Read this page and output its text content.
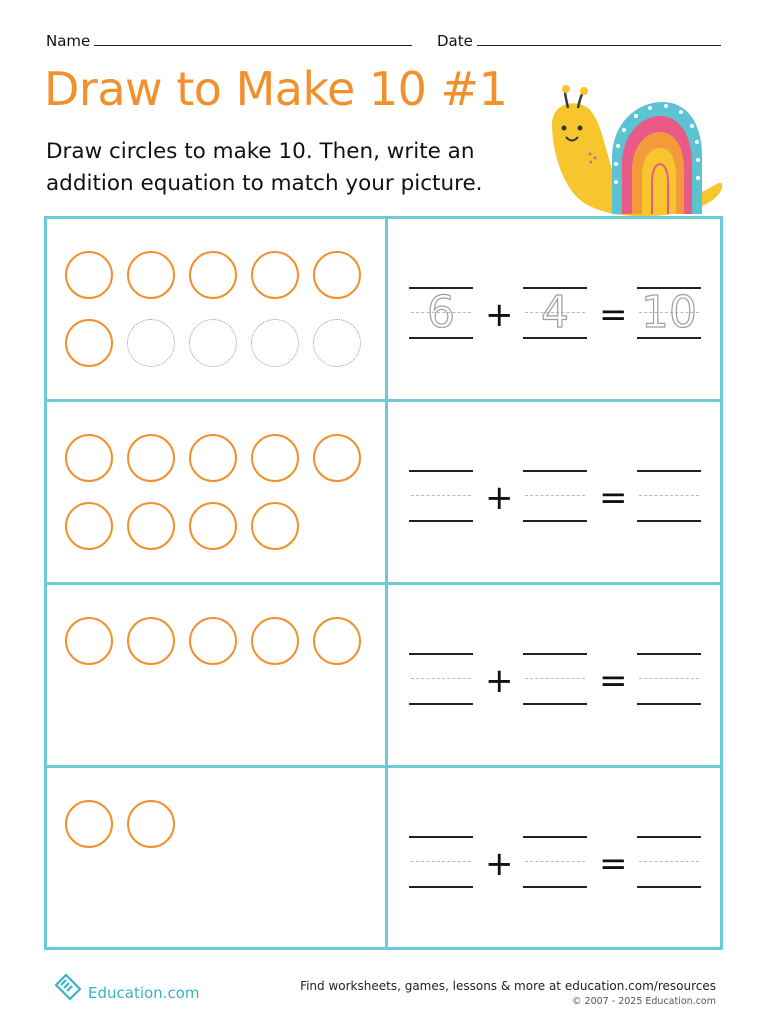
Name	Date
Draw to Make 10 #1
Draw circles to make 10. Then, write an addition equation to match your picture.
6 + 4 = 10
+	=
+	=
+	=
Education.com	Find worksheets, games, lessons & more at education.com/resources
© 2007 - 2025 Education.com
